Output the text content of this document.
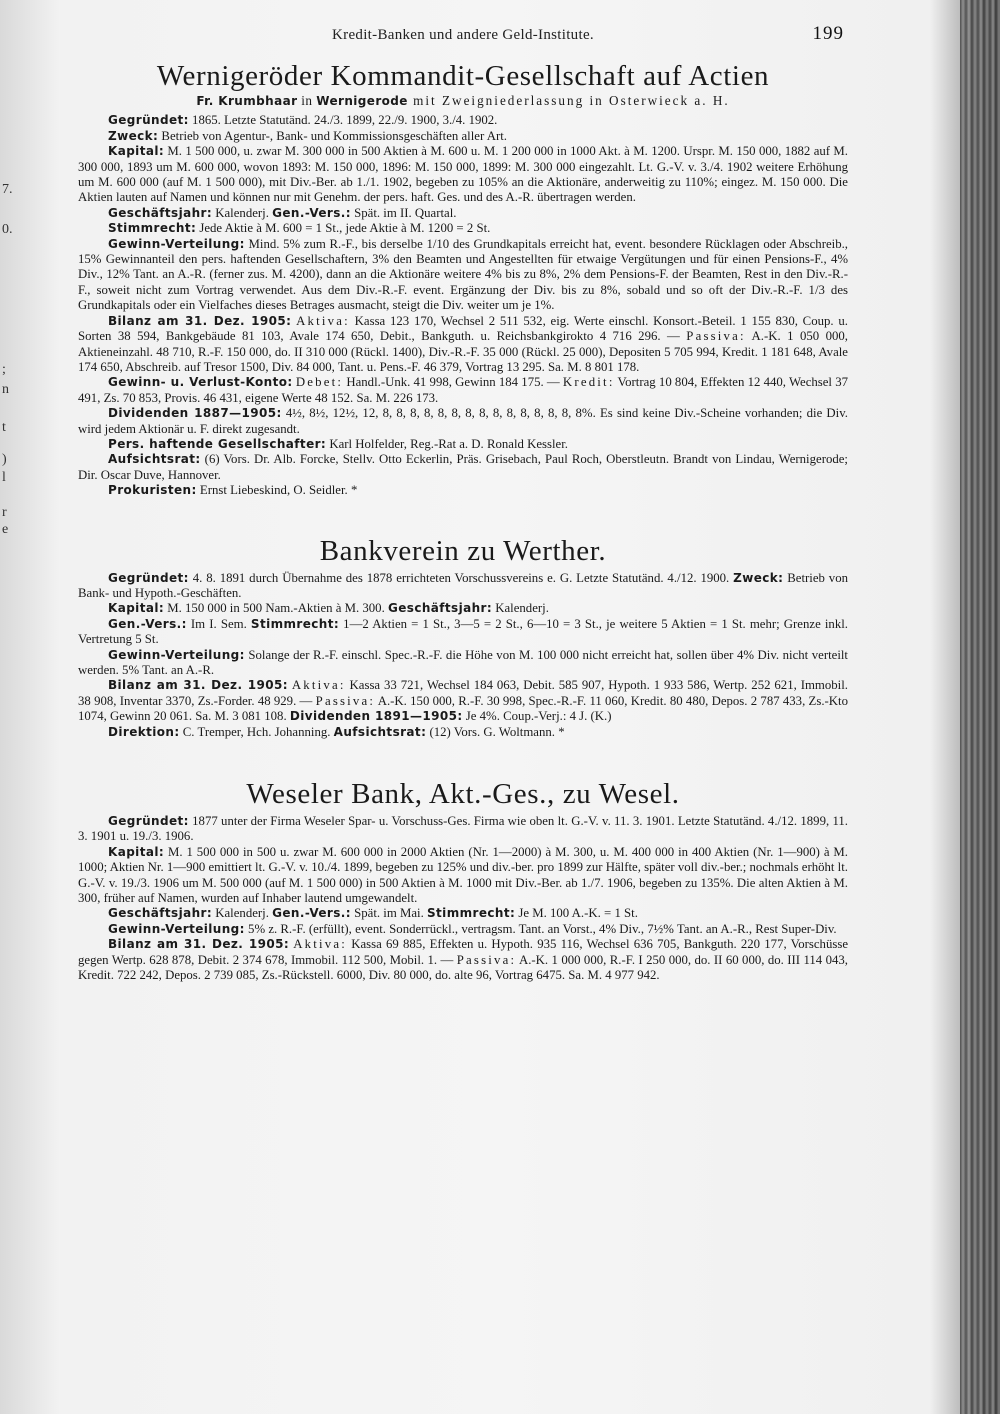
7.
0.
;
n
t
)
l
r
e
Kredit-Banken und andere Geld-Institute.	199
Wernigeröder Kommandit-Gesellschaft auf Actien
Fr. Krumbhaar in Wernigerode mit Zweigniederlassung in Osterwieck a. H.

Gegründet: 1865. Letzte Statutänd. 24./3. 1899, 22./9. 1900, 3./4. 1902.

Zweck: Betrieb von Agentur-, Bank- und Kommissionsgeschäften aller Art.

Kapital: M. 1 500 000, u. zwar M. 300 000 in 500 Aktien à M. 600 u. M. 1 200 000 in 1000 Akt. à M. 1200. Urspr. M. 150 000, 1882 auf M. 300 000, 1893 um M. 600 000, wovon 1893: M. 150 000, 1896: M. 150 000, 1899: M. 300 000 eingezahlt. Lt. G.-V. v. 3./4. 1902 weitere Erhöhung um M. 600 000 (auf M. 1 500 000), mit Div.-Ber. ab 1./1. 1902, begeben zu 105% an die Aktionäre, anderweitig zu 110%; eingez. M. 150 000. Die Aktien lauten auf Namen und können nur mit Genehm. der pers. haft. Ges. und des A.-R. übertragen werden.

Geschäftsjahr: Kalenderj. Gen.-Vers.: Spät. im II. Quartal.

Stimmrecht: Jede Aktie à M. 600 = 1 St., jede Aktie à M. 1200 = 2 St.

Gewinn-Verteilung: Mind. 5% zum R.-F., bis derselbe 1/10 des Grundkapitals erreicht hat, event. besondere Rücklagen oder Abschreib., 15% Gewinnanteil den pers. haftenden Gesellschaftern, 3% den Beamten und Angestellten für etwaige Vergütungen und für einen Pensions-F., 4% Div., 12% Tant. an A.-R. (ferner zus. M. 4200), dann an die Aktionäre weitere 4% bis zu 8%, 2% dem Pensions-F. der Beamten, Rest in den Div.-R.-F., soweit nicht zum Vortrag verwendet. Aus dem Div.-R.-F. event. Ergänzung der Div. bis zu 8%, sobald und so oft der Div.-R.-F. 1/3 des Grundkapitals oder ein Vielfaches dieses Betrages ausmacht, steigt die Div. weiter um je 1%.

Bilanz am 31. Dez. 1905: Aktiva: Kassa 123 170, Wechsel 2 511 532, eig. Werte einschl. Konsort.-Beteil. 1 155 830, Coup. u. Sorten 38 594, Bankgebäude 81 103, Avale 174 650, Debit., Bankguth. u. Reichsbankgirokto 4 716 296. — Passiva: A.-K. 1 050 000, Aktieneinzahl. 48 710, R.-F. 150 000, do. II 310 000 (Rückl. 1400), Div.-R.-F. 35 000 (Rückl. 25 000), Depositen 5 705 994, Kredit. 1 181 648, Avale 174 650, Abschreib. auf Tresor 1500, Div. 84 000, Tant. u. Pens.-F. 46 379, Vortrag 13 295. Sa. M. 8 801 178.

Gewinn- u. Verlust-Konto: Debet: Handl.-Unk. 41 998, Gewinn 184 175. — Kredit: Vortrag 10 804, Effekten 12 440, Wechsel 37 491, Zs. 70 853, Provis. 46 431, eigene Werte 48 152. Sa. M. 226 173.

Dividenden 1887—1905: 4½, 8½, 12½, 12, 8, 8, 8, 8, 8, 8, 8, 8, 8, 8, 8, 8, 8, 8, 8%. Es sind keine Div.-Scheine vorhanden; die Div. wird jedem Aktionär u. F. direkt zugesandt.

Pers. haftende Gesellschafter: Karl Holfelder, Reg.-Rat a. D. Ronald Kessler.

Aufsichtsrat: (6) Vors. Dr. Alb. Forcke, Stellv. Otto Eckerlin, Präs. Grisebach, Paul Roch, Oberstleutn. Brandt von Lindau, Wernigerode; Dir. Oscar Duve, Hannover.

Prokuristen: Ernst Liebeskind, O. Seidler. *

Bankverein zu Werther.

Gegründet: 4. 8. 1891 durch Übernahme des 1878 errichteten Vorschussvereins e. G. Letzte Statutänd. 4./12. 1900. Zweck: Betrieb von Bank- und Hypoth.-Geschäften.

Kapital: M. 150 000 in 500 Nam.-Aktien à M. 300. Geschäftsjahr: Kalenderj.

Gen.-Vers.: Im I. Sem. Stimmrecht: 1—2 Aktien = 1 St., 3—5 = 2 St., 6—10 = 3 St., je weitere 5 Aktien = 1 St. mehr; Grenze inkl. Vertretung 5 St.

Gewinn-Verteilung: Solange der R.-F. einschl. Spec.-R.-F. die Höhe von M. 100 000 nicht erreicht hat, sollen über 4% Div. nicht verteilt werden. 5% Tant. an A.-R.

Bilanz am 31. Dez. 1905: Aktiva: Kassa 33 721, Wechsel 184 063, Debit. 585 907, Hypoth. 1 933 586, Wertp. 252 621, Immobil. 38 908, Inventar 3370, Zs.-Forder. 48 929. — Passiva: A.-K. 150 000, R.-F. 30 998, Spec.-R.-F. 11 060, Kredit. 80 480, Depos. 2 787 433, Zs.-Kto 1074, Gewinn 20 061. Sa. M. 3 081 108. Dividenden 1891—1905: Je 4%. Coup.-Verj.: 4 J. (K.)

Direktion: C. Tremper, Hch. Johanning. Aufsichtsrat: (12) Vors. G. Woltmann. *

Weseler Bank, Akt.-Ges., zu Wesel.

Gegründet: 1877 unter der Firma Weseler Spar- u. Vorschuss-Ges. Firma wie oben lt. G.-V. v. 11. 3. 1901. Letzte Statutänd. 4./12. 1899, 11. 3. 1901 u. 19./3. 1906.

Kapital: M. 1 500 000 in 500 u. zwar M. 600 000 in 2000 Aktien (Nr. 1—2000) à M. 300, u. M. 400 000 in 400 Aktien (Nr. 1—900) à M. 1000; Aktien Nr. 1—900 emittiert lt. G.-V. v. 10./4. 1899, begeben zu 125% und div.-ber. pro 1899 zur Hälfte, später voll div.-ber.; nochmals erhöht lt. G.-V. v. 19./3. 1906 um M. 500 000 (auf M. 1 500 000) in 500 Aktien à M. 1000 mit Div.-Ber. ab 1./7. 1906, begeben zu 135%. Die alten Aktien à M. 300, früher auf Namen, wurden auf Inhaber lautend umgewandelt.

Geschäftsjahr: Kalenderj. Gen.-Vers.: Spät. im Mai. Stimmrecht: Je M. 100 A.-K. = 1 St.

Gewinn-Verteilung: 5% z. R.-F. (erfüllt), event. Sonderrückl., vertragsm. Tant. an Vorst., 4% Div., 7½% Tant. an A.-R., Rest Super-Div.

Bilanz am 31. Dez. 1905: Aktiva: Kassa 69 885, Effekten u. Hypoth. 935 116, Wechsel 636 705, Bankguth. 220 177, Vorschüsse gegen Wertp. 628 878, Debit. 2 374 678, Immobil. 112 500, Mobil. 1. — Passiva: A.-K. 1 000 000, R.-F. I 250 000, do. II 60 000, do. III 114 043, Kredit. 722 242, Depos. 2 739 085, Zs.-Rückstell. 6000, Div. 80 000, do. alte 96, Vortrag 6475. Sa. M. 4 977 942.
